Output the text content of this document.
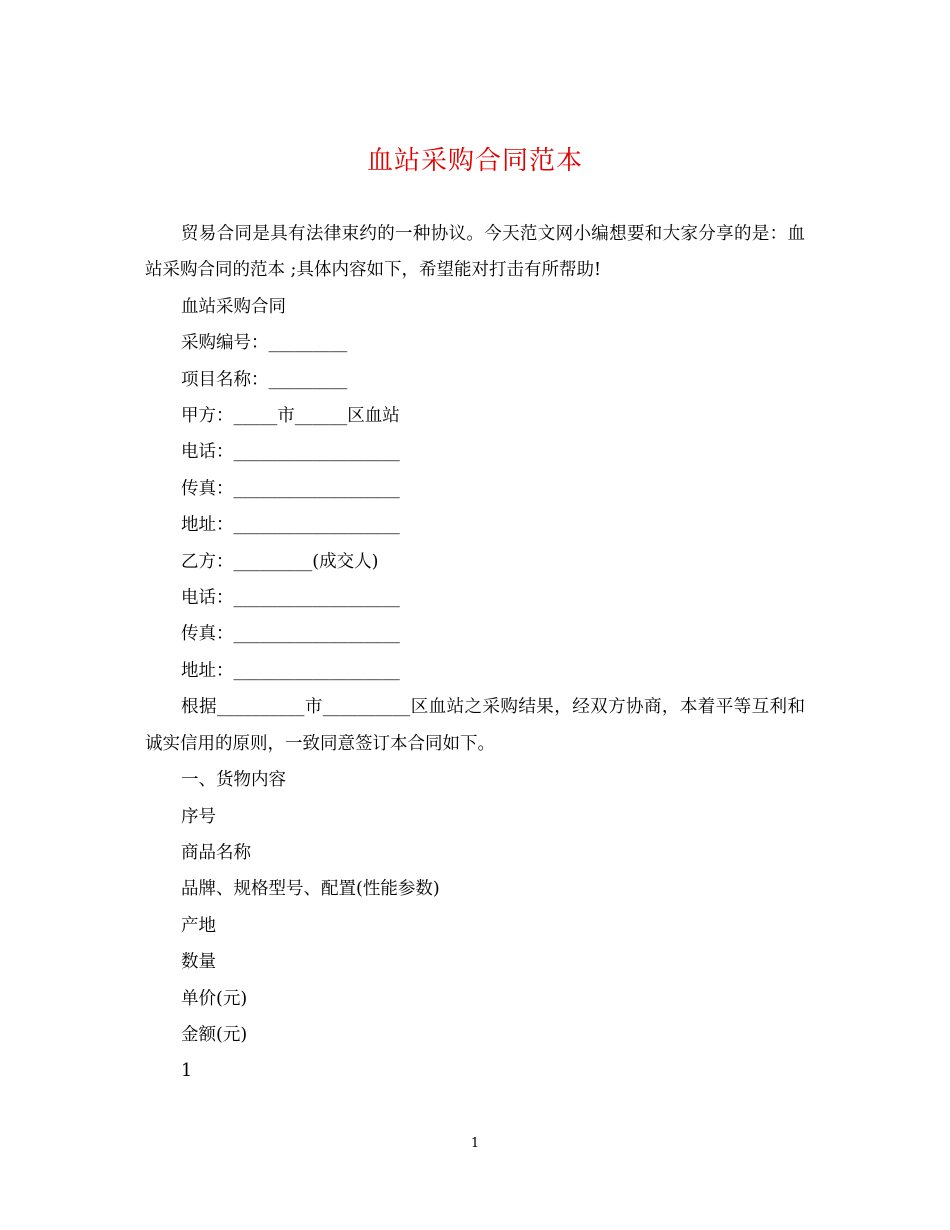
血站采购合同范本

贸易合同是具有法律束约的一种协议。今天范文网小编想要和大家分享的是：血站采购合同的范本 ;具体内容如下，希望能对打击有所帮助!

血站采购合同

采购编号：_________

项目名称：_________

甲方：_____市______区血站

电话：___________________

传真：___________________

地址：___________________

乙方：_________(成交人)

电话：___________________

传真：___________________

地址：___________________

根据__________市__________区血站之采购结果，经双方协商，本着平等互利和诚实信用的原则，一致同意签订本合同如下。

一、货物内容

序号

商品名称

品牌、规格型号、配置(性能参数)

产地

数量

单价(元)

金额(元)

1

1
